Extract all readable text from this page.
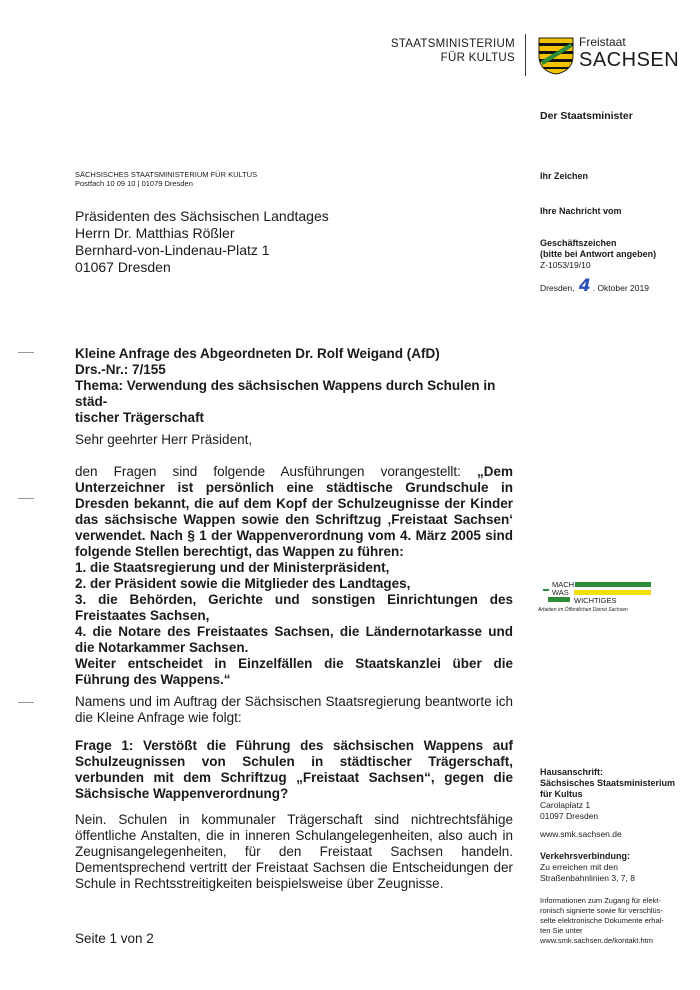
STAATSMINISTERIUM
FÜR KULTUS
Freistaat
SACHSEN
Der Staatsminister
Ihr Zeichen
Ihre Nachricht vom
Geschäftszeichen
(bitte bei Antwort angeben)
Z-1053/19/10
Dresden, 4 . Oktober 2019
SÄCHSISCHES STAATSMINISTERIUM FÜR KULTUS
Postfach 10 09 10 | 01079 Dresden
Präsidenten des Sächsischen Landtages
Herrn Dr. Matthias Rößler
Bernhard-von-Lindenau-Platz 1
01067 Dresden
Kleine Anfrage des Abgeordneten Dr. Rolf Weigand (AfD)
Drs.-Nr.: 7/155
Thema: Verwendung des sächsischen Wappens durch Schulen in städ-
tischer Trägerschaft
Sehr geehrter Herr Präsident,
den Fragen sind folgende Ausführungen vorangestellt: „Dem Unterzeichner ist persönlich eine städtische Grundschule in Dresden bekannt, die auf dem Kopf der Schulzeugnisse der Kinder das sächsische Wappen sowie den Schriftzug ‚Freistaat Sachsen‘ verwendet. Nach § 1 der Wappenverordnung vom 4. März 2005 sind folgende Stellen berechtigt, das Wappen zu führen:
1. die Staatsregierung und der Ministerpräsident,
2. der Präsident sowie die Mitglieder des Landtages,
3. die Behörden, Gerichte und sonstigen Einrichtungen des Freistaates Sachsen,
4. die Notare des Freistaates Sachsen, die Ländernotarkasse und die Notarkammer Sachsen.
Weiter entscheidet in Einzelfällen die Staatskanzlei über die Führung des Wappens.“
Namens und im Auftrag der Sächsischen Staatsregierung beantworte ich die Kleine Anfrage wie folgt:
Frage 1: Verstößt die Führung des sächsischen Wappens auf Schulzeugnissen von Schulen in städtischer Trägerschaft, verbunden mit dem Schriftzug „Freistaat Sachsen“, gegen die Sächsische Wappenverordnung?
Nein. Schulen in kommunaler Trägerschaft sind nichtrechtsfähige öffentliche Anstalten, die in inneren Schulangelegenheiten, also auch in Zeugnisangelegenheiten, für den Freistaat Sachsen handeln. Dementsprechend vertritt der Freistaat Sachsen die Entscheidungen der Schule in Rechtsstreitigkeiten beispielsweise über Zeugnisse.
Seite 1 von 2
MACH
WAS
WICHTIGES
Arbeiten im Öffentlichen Dienst Sachsen
Hausanschrift:
Sächsisches Staatsministerium
für Kultus
Carolaplatz 1
01097 Dresden
www.smk.sachsen.de
Verkehrsverbindung:
Zu erreichen mit den
Straßenbahnlinien 3, 7, 8
Informationen zum Zugang für elekt-
ronisch signierte sowie für verschlüs-
selte elektronische Dokumente erhal-
ten Sie unter
www.smk.sachsen.de/kontakt.htm
